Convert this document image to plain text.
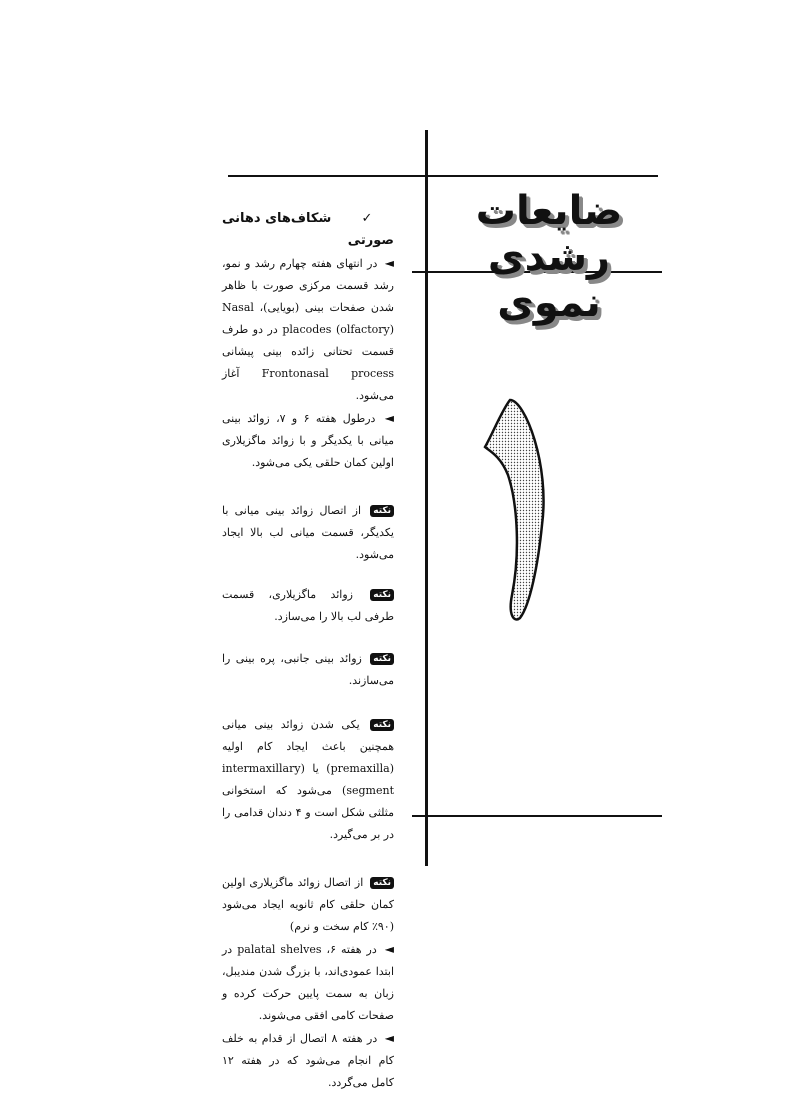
ضایعات رشدی نموی
✓ شکاف‌های دهانی صورتی

◄ در انتهای هفته چهارم رشد و نمو، رشد قسمت مرکزی صورت با ظاهر شدن صفحات بینی (بویایی)، Nasal placodes (olfactory) در دو طرف قسمت تحتانی زائده بینی پیشانی Frontonasal process آغاز می‌شود.

◄ درطول هفته ۶ و ۷، زوائد بینی میانی با یکدیگر و با زوائد ماگزیلاری اولین کمان حلقی یکی می‌شود.

نکته از اتصال زوائد بینی میانی با یکدیگر، قسمت میانی لب بالا ایجاد می‌شود.

نکته زوائد ماگزیلاری، قسمت طرفی لب بالا را می‌سازد.

نکته زوائد بینی جانبی، پره بینی را می‌سازند.

نکته یکی شدن زوائد بینی میانی همچنین باعث ایجاد کام اولیه (premaxilla) یا (intermaxillary segment) می‌شود که استخوانی مثلثی شکل است و ۴ دندان قدامی را در بر می‌گیرد.

نکته از اتصال زوائد ماگزیلاری اولین کمان حلقی کام ثانویه ایجاد می‌شود (۹۰٪ کام سخت و نرم)

◄ در هفته ۶، palatal shelves در ابتدا عمودی‌اند، با بزرگ شدن مندیبل، زبان به سمت پایین حرکت کرده و صفحات کامی افقی می‌شوند.

◄ در هفته ۸ اتصال از قدام به خلف کام انجام می‌شود که در هفته ۱۲ کامل می‌گردد.
